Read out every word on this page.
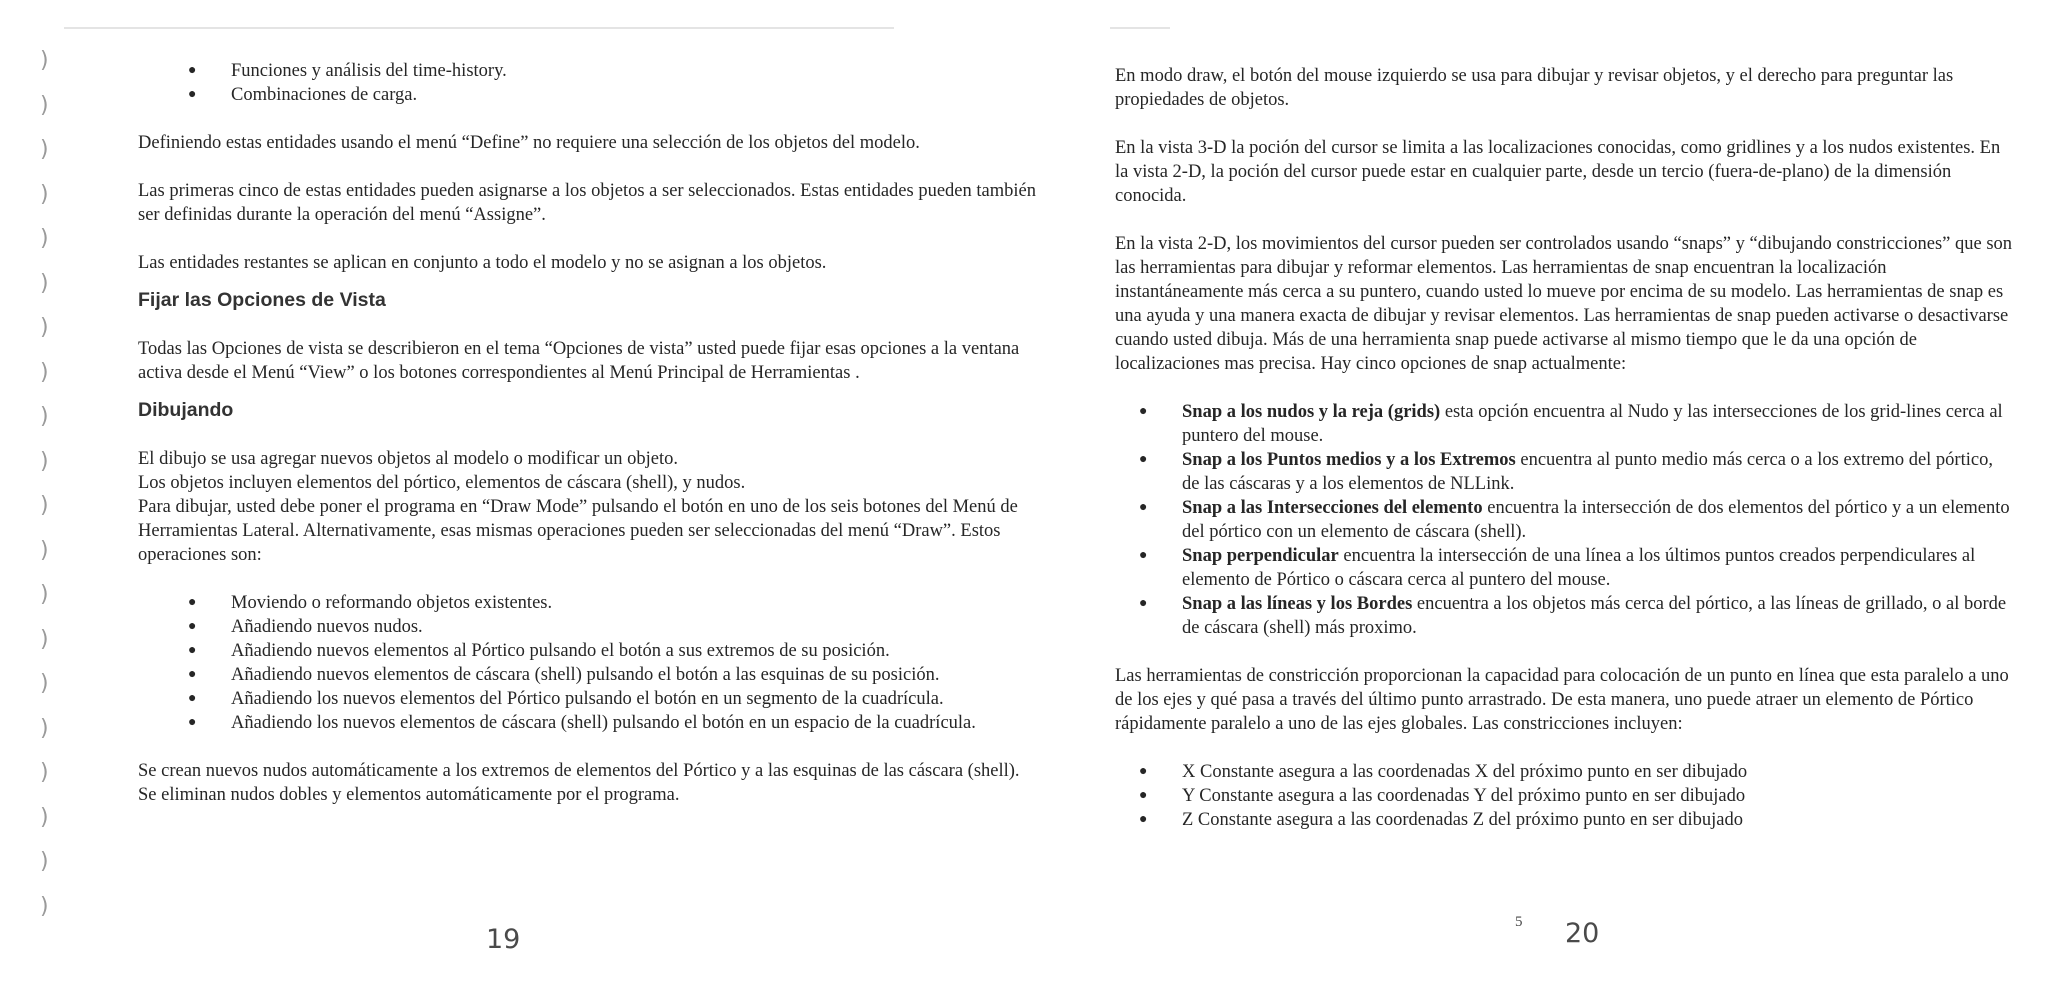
)
)
)
)
)
)
)
)
)
)
)
)
)
)
)
)
)
)
)
)
● Funciones y análisis del time-history.
● Combinaciones de carga.

Definiendo estas entidades usando el menú “Define” no requiere una selección de los objetos del modelo.

Las primeras cinco de estas entidades pueden asignarse a los objetos a ser seleccionados. Estas entidades pueden también ser definidas durante la operación del menú “Assigne”.

Las entidades restantes se aplican en conjunto a todo el modelo y no se asignan a los objetos.

Fijar las Opciones de Vista

Todas las Opciones de vista se describieron en el tema “Opciones de vista” usted puede fijar esas opciones a la ventana activa desde el Menú “View” o los botones correspondientes al Menú Principal de Herramientas .

Dibujando

El dibujo se usa agregar nuevos objetos al modelo o modificar un objeto.

Los objetos incluyen elementos del pórtico, elementos de cáscara (shell), y nudos.

Para dibujar, usted debe poner el programa en “Draw Mode” pulsando el botón en uno de los seis botones del Menú de Herramientas Lateral. Alternativamente, esas mismas operaciones pueden ser seleccionadas del menú “Draw”. Estos operaciones son:

● Moviendo o reformando objetos existentes.
● Añadiendo nuevos nudos.
● Añadiendo nuevos elementos al Pórtico pulsando el botón a sus extremos de su posición.
● Añadiendo nuevos elementos de cáscara (shell) pulsando el botón a las esquinas de su posición.
● Añadiendo los nuevos elementos del Pórtico pulsando el botón en un segmento de la cuadrícula.
● Añadiendo los nuevos elementos de cáscara (shell) pulsando el botón en un espacio de la cuadrícula.

Se crean nuevos nudos automáticamente a los extremos de elementos del Pórtico y a las esquinas de las cáscara (shell). Se eliminan nudos dobles y elementos automáticamente por el programa.

19

En modo draw, el botón del mouse izquierdo se usa para dibujar y revisar objetos, y el derecho para preguntar las propiedades de objetos.

En la vista 3-D la poción del cursor se limita a las localizaciones conocidas, como gridlines y a los nudos existentes. En la vista 2-D, la poción del cursor puede estar en cualquier parte, desde un tercio (fuera-de-plano) de la dimensión conocida.

En la vista 2-D, los movimientos del cursor pueden ser controlados usando “snaps” y “dibujando constricciones” que son las herramientas para dibujar y reformar elementos. Las herramientas de snap encuentran la localización instantáneamente más cerca a su puntero, cuando usted lo mueve por encima de su modelo. Las herramientas de snap es una ayuda y una manera exacta de dibujar y revisar elementos. Las herramientas de snap pueden activarse o desactivarse cuando usted dibuja. Más de una herramienta snap puede activarse al mismo tiempo que le da una opción de localizaciones mas precisa. Hay cinco opciones de snap actualmente:

● Snap a los nudos y la reja (grids) esta opción encuentra al Nudo y las intersecciones de los grid-lines cerca al puntero del mouse.
● Snap a los Puntos medios y a los Extremos encuentra al punto medio más cerca o a los extremo del pórtico, de las cáscaras y a los elementos de NLLink.
● Snap a las Intersecciones del elemento encuentra la intersección de dos elementos del pórtico y a un elemento del pórtico con un elemento de cáscara (shell).
● Snap perpendicular encuentra la intersección de una línea a los últimos puntos creados perpendiculares al elemento de Pórtico o cáscara cerca al puntero del mouse.
● Snap a las líneas y los Bordes encuentra a los objetos más cerca del pórtico, a las líneas de grillado, o al borde de cáscara (shell) más proximo.

Las herramientas de constricción proporcionan la capacidad para colocación de un punto en línea que esta paralelo a uno de los ejes y qué pasa a través del último punto arrastrado. De esta manera, uno puede atraer un elemento de Pórtico rápidamente paralelo a uno de las ejes globales. Las constricciones incluyen:

● X Constante asegura a las coordenadas X del próximo punto en ser dibujado
● Y Constante asegura a las coordenadas Y del próximo punto en ser dibujado
● Z Constante asegura a las coordenadas Z del próximo punto en ser dibujado
5 20
